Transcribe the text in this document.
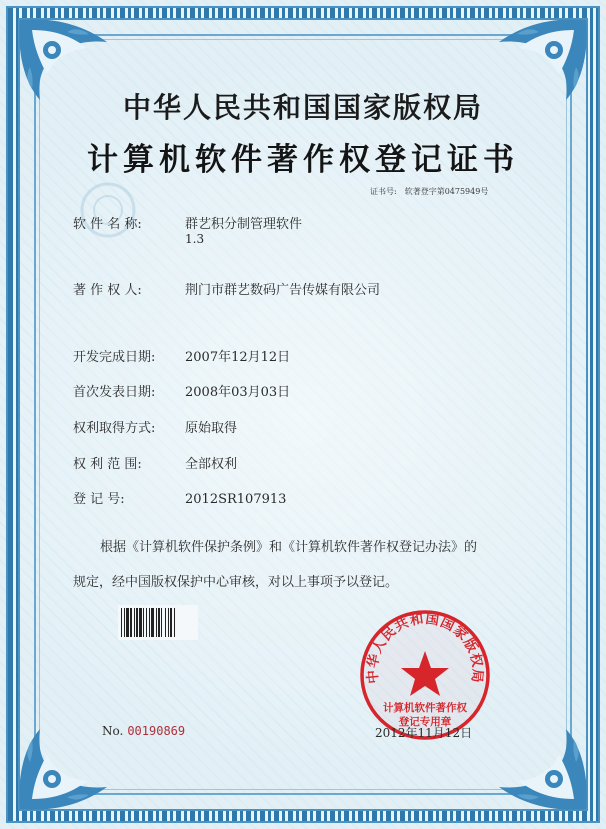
中华人民共和国国家版权局
计算机软件著作权登记证书
证书号: 软著登字第0475949号
软 件 名 称:	群艺积分制管理软件
1.3
著 作 权 人:	荆门市群艺数码广告传媒有限公司
开发完成日期: 2007年12月12日
首次发表日期: 2008年03月03日
权利取得方式: 原始取得
权 利 范 围:	全部权利
登 记 号:	2012SR107913
根据《计算机软件保护条例》和《计算机软件著作权登记办法》的
规定，经中国版权保护中心审核，对以上事项予以登记。
中华人民共和国国家版权局
计算机软件著作权
登记专用章
No. 00190869	2012年11月12日
